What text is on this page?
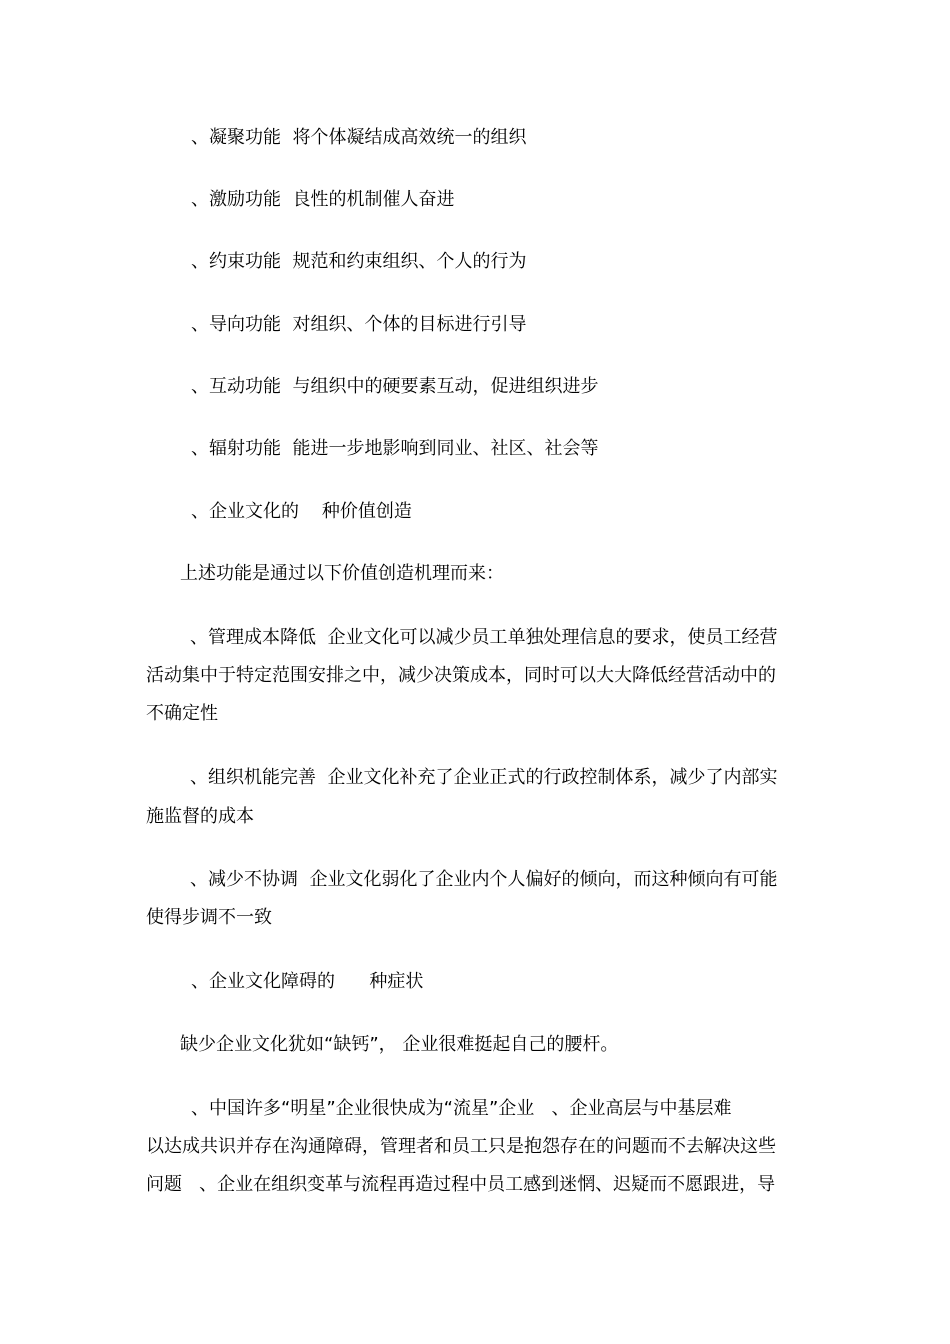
、凝聚功能  将个体凝结成高效统一的组织
、激励功能  良性的机制催人奋进
、约束功能  规范和约束组织、个人的行为
、导向功能  对组织、个体的目标进行引导
、互动功能  与组织中的硬要素互动，促进组织进步
、辐射功能  能进一步地影响到同业、社区、社会等
、企业文化的    种价值创造
上述功能是通过以下价值创造机理而来：
、管理成本降低  企业文化可以减少员工单独处理信息的要求，使员工经营
活动集中于特定范围安排之中，减少决策成本，同时可以大大降低经营活动中的
不确定性
、组织机能完善  企业文化补充了企业正式的行政控制体系，减少了内部实
施监督的成本
、减少不协调  企业文化弱化了企业内个人偏好的倾向，而这种倾向有可能
使得步调不一致
、企业文化障碍的      种症状
缺少企业文化犹如“缺钙”， 企业很难挺起自己的腰杆。
、中国许多“明星”企业很快成为“流星”企业   、企业高层与中基层难
以达成共识并存在沟通障碍，管理者和员工只是抱怨存在的问题而不去解决这些
问题   、企业在组织变革与流程再造过程中员工感到迷惘、迟疑而不愿跟进，导
